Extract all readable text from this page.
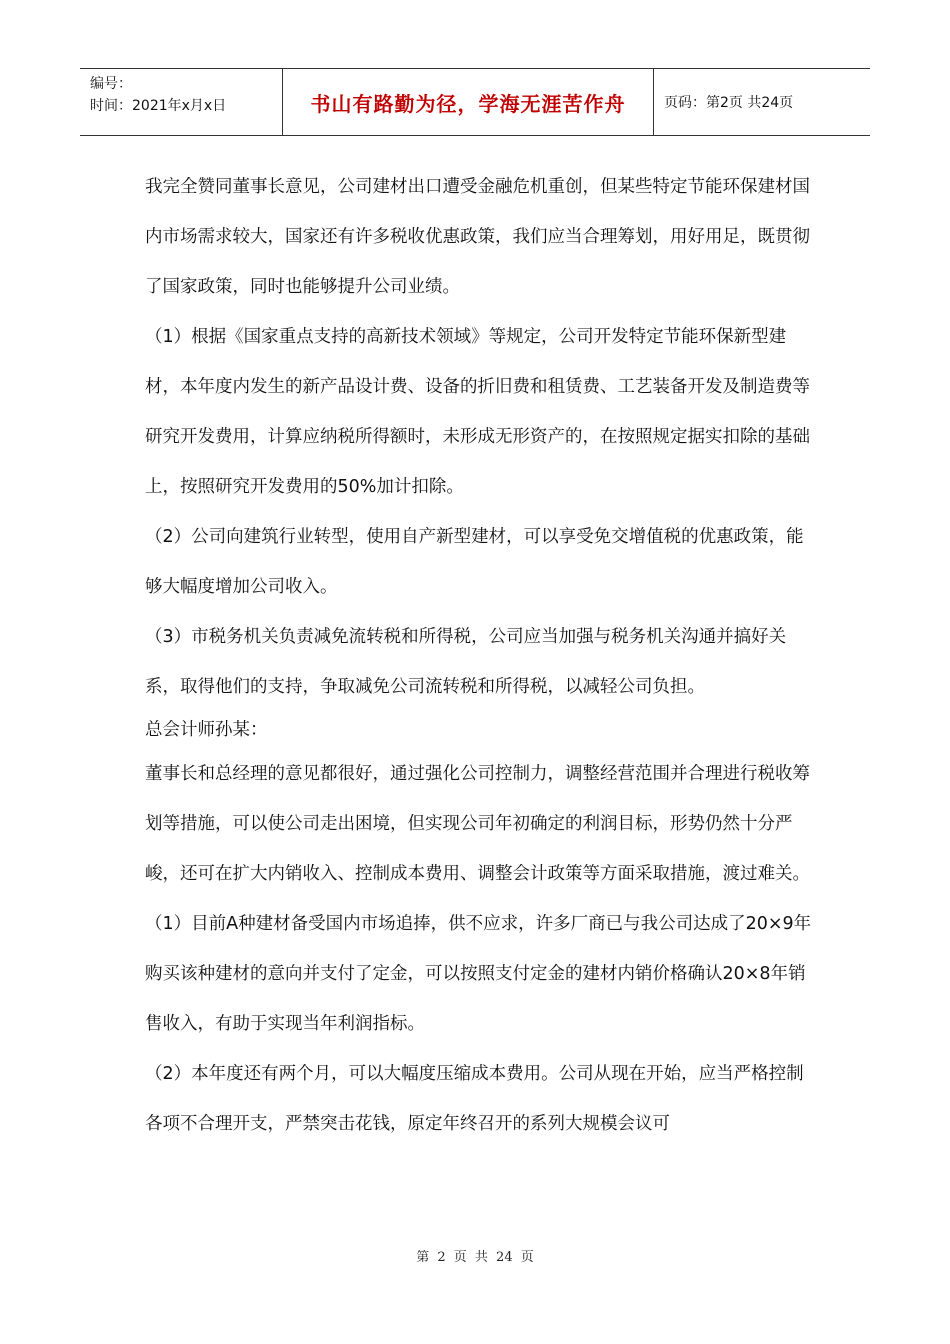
编号：
时间：2021年x月x日	书山有路勤为径，学海无涯苦作舟	页码：第2页 共24页

我完全赞同董事长意见，公司建材出口遭受金融危机重创，但某些特定节能环保建材国内市场需求较大，国家还有许多税收优惠政策，我们应当合理筹划，用好用足，既贯彻了国家政策，同时也能够提升公司业绩。

（1）根据《国家重点支持的高新技术领域》等规定，公司开发特定节能环保新型建材，本年度内发生的新产品设计费、设备的折旧费和租赁费、工艺装备开发及制造费等研究开发费用，计算应纳税所得额时，未形成无形资产的，在按照规定据实扣除的基础上，按照研究开发费用的50%加计扣除。

（2）公司向建筑行业转型，使用自产新型建材，可以享受免交增值税的优惠政策，能够大幅度增加公司收入。

（3）市税务机关负责减免流转税和所得税，公司应当加强与税务机关沟通并搞好关系，取得他们的支持，争取减免公司流转税和所得税，以减轻公司负担。

总会计师孙某：

董事长和总经理的意见都很好，通过强化公司控制力，调整经营范围并合理进行税收筹划等措施，可以使公司走出困境，但实现公司年初确定的利润目标，形势仍然十分严峻，还可在扩大内销收入、控制成本费用、调整会计政策等方面采取措施，渡过难关。

（1）目前A种建材备受国内市场追捧，供不应求，许多厂商已与我公司达成了20×9年购买该种建材的意向并支付了定金，可以按照支付定金的建材内销价格确认20×8年销售收入，有助于实现当年利润指标。

（2）本年度还有两个月，可以大幅度压缩成本费用。公司从现在开始，应当严格控制各项不合理开支，严禁突击花钱，原定年终召开的系列大规模会议可

第 2 页 共 24 页
